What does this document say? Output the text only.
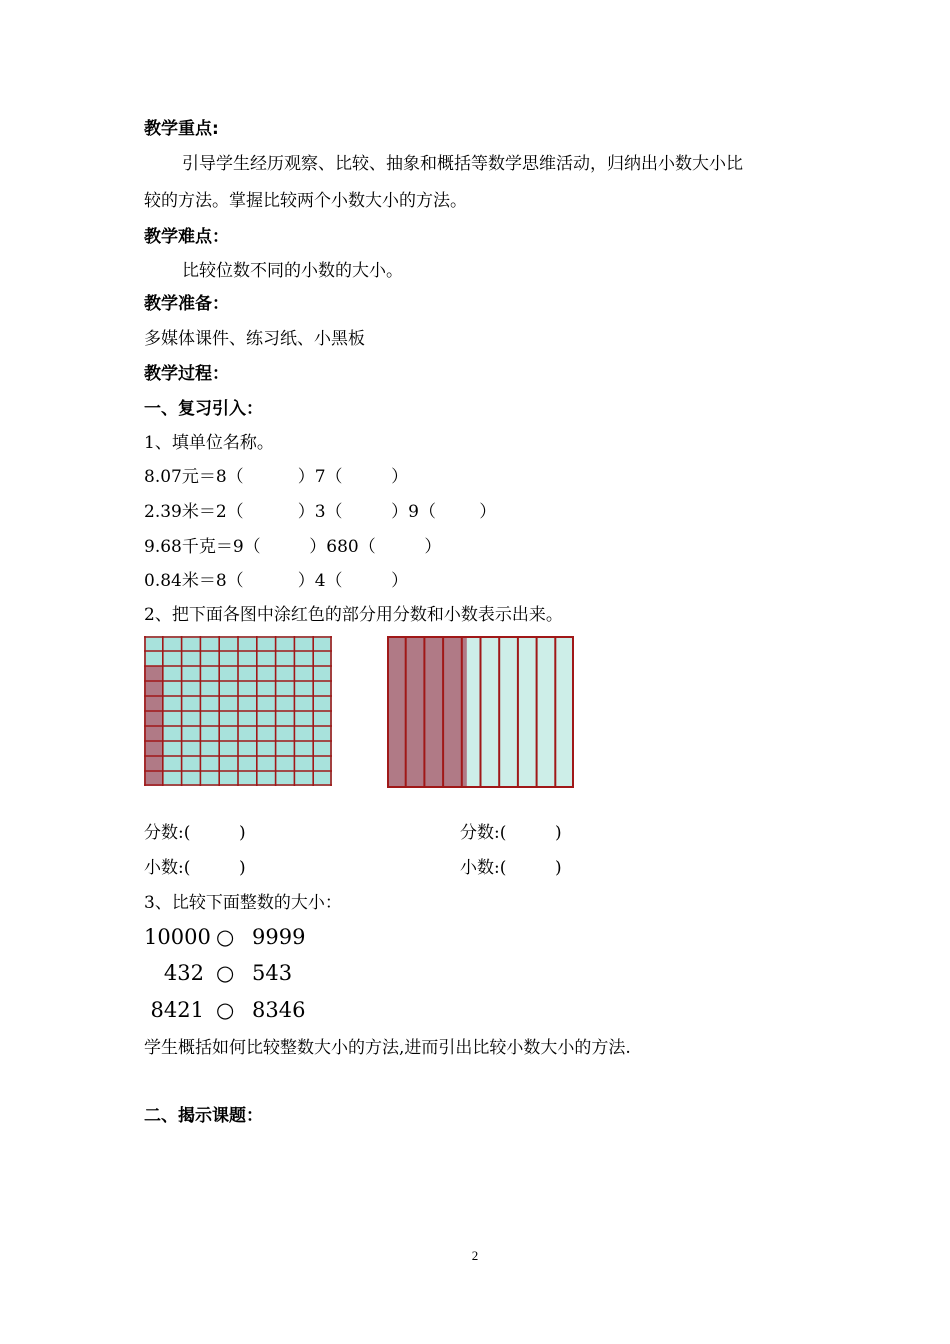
教学重点:
引导学生经历观察、比较、抽象和概括等数学思维活动，归纳出小数大小比
较的方法。掌握比较两个小数大小的方法。
教学难点：
比较位数不同的小数的大小。
教学准备：
多媒体课件、练习纸、小黑板
教学过程：
一、复习引入：
1、填单位名称。
8.07元＝8（          ）7（         ）
2.39米＝2（          ）3（         ）9（        ）
9.68千克＝9（         ）680（         ）
0.84米＝8（          ）4（         ）
2、把下面各图中涂红色的部分用分数和小数表示出来。
分数:(         )
小数:(         )
分数:(         )
小数:(         )
3、比较下面整数的大小：
10000 ○ 9999
432 ○ 543
8421 ○ 8346
学生概括如何比较整数大小的方法,进而引出比较小数大小的方法.
二、揭示课题：
2
